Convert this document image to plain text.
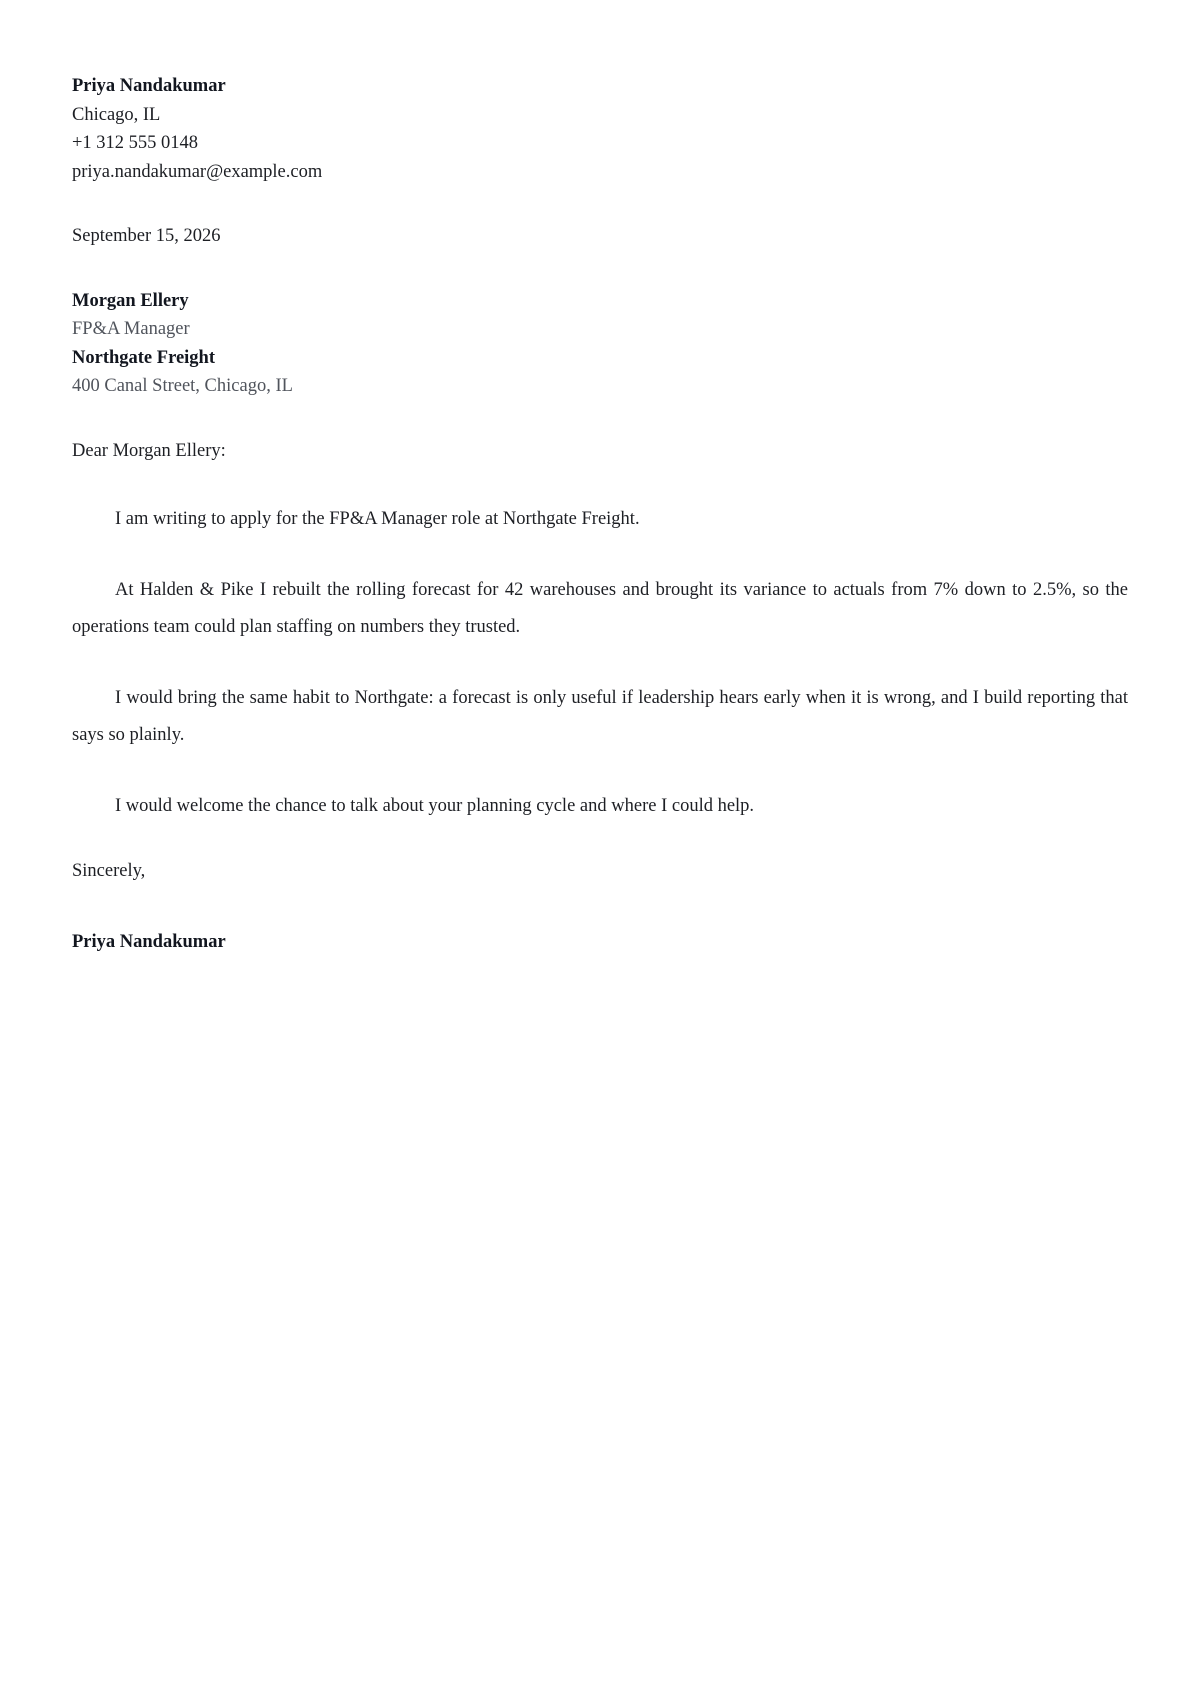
Priya Nandakumar
Chicago, IL
+1 312 555 0148
priya.nandakumar@example.com
September 15, 2026
Morgan Ellery
FP&A Manager
Northgate Freight
400 Canal Street, Chicago, IL
Dear Morgan Ellery:

I am writing to apply for the FP&A Manager role at Northgate Freight.

At Halden & Pike I rebuilt the rolling forecast for 42 warehouses and brought its variance to actuals from 7% down to 2.5%, so the operations team could plan staffing on numbers they trusted.

I would bring the same habit to Northgate: a forecast is only useful if leadership hears early when it is wrong, and I build reporting that says so plainly.

I would welcome the chance to talk about your planning cycle and where I could help.

Sincerely,
Priya Nandakumar
